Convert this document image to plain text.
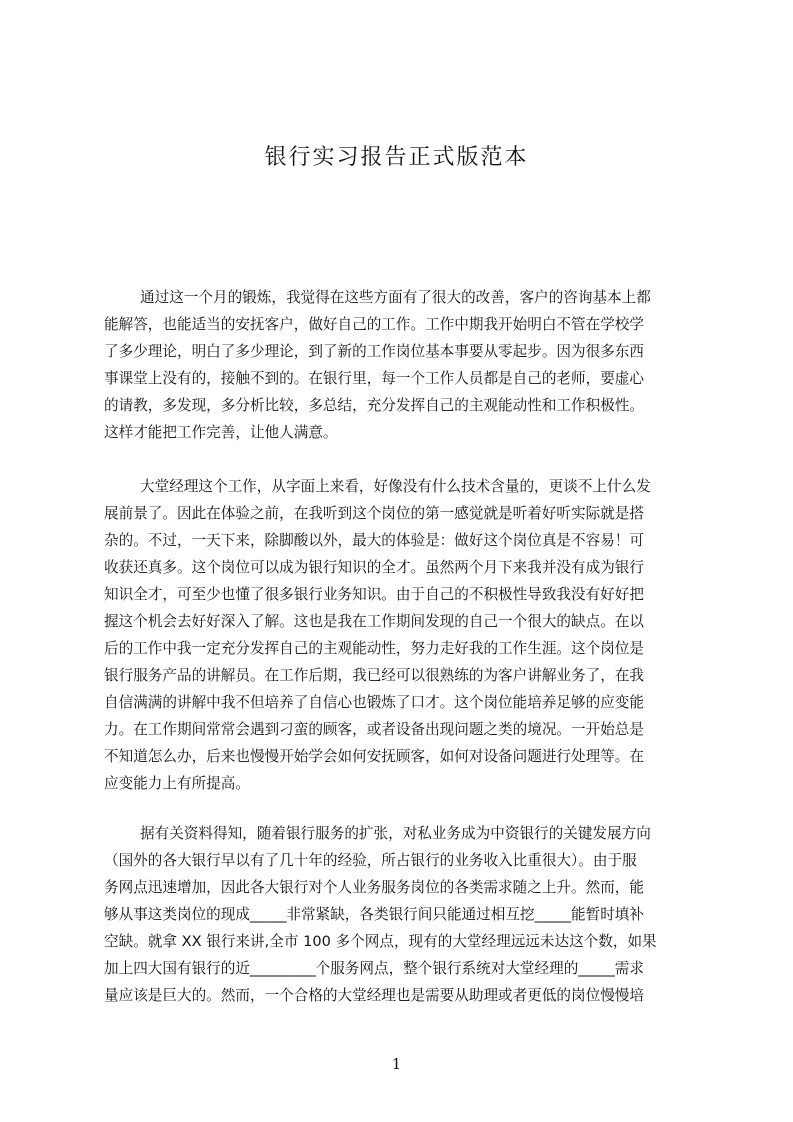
银行实习报告正式版范本
通过这一个月的锻炼，我觉得在这些方面有了很大的改善，客户的咨询基本上都
能解答，也能适当的安抚客户，做好自己的工作。工作中期我开始明白不管在学校学
了多少理论，明白了多少理论，到了新的工作岗位基本事要从零起步。因为很多东西
事课堂上没有的，接触不到的。在银行里，每一个工作人员都是自己的老师，要虚心
的请教，多发现，多分析比较，多总结，充分发挥自己的主观能动性和工作积极性。
这样才能把工作完善，让他人满意。
大堂经理这个工作，从字面上来看，好像没有什么技术含量的，更谈不上什么发
展前景了。因此在体验之前，在我听到这个岗位的第一感觉就是听着好听实际就是搭
杂的。不过，一天下来，除脚酸以外，最大的体验是：做好这个岗位真是不容易！可
收获还真多。这个岗位可以成为银行知识的全才。虽然两个月下来我并没有成为银行
知识全才，可至少也懂了很多银行业务知识。由于自己的不积极性导致我没有好好把
握这个机会去好好深入了解。这也是我在工作期间发现的自己一个很大的缺点。在以
后的工作中我一定充分发挥自己的主观能动性，努力走好我的工作生涯。这个岗位是
银行服务产品的讲解员。在工作后期，我已经可以很熟练的为客户讲解业务了，在我
自信满满的讲解中我不但培养了自信心也锻炼了口才。这个岗位能培养足够的应变能
力。在工作期间常常会遇到刁蛮的顾客，或者设备出现问题之类的境况。一开始总是
不知道怎么办，后来也慢慢开始学会如何安抚顾客，如何对设备问题进行处理等。在
应变能力上有所提高。
据有关资料得知，随着银行服务的扩张，对私业务成为中资银行的关键发展方向
（国外的各大银行早以有了几十年的经验，所占银行的业务收入比重很大）。由于服
务网点迅速增加，因此各大银行对个人业务服务岗位的各类需求随之上升。然而，能
够从事这类岗位的现成_____非常紧缺，各类银行间只能通过相互挖_____能暂时填补
空缺。就拿 XX 银行来讲,全市 100 多个网点，现有的大堂经理远远未达这个数，如果
加上四大国有银行的近_________个服务网点，整个银行系统对大堂经理的_____需求
量应该是巨大的。然而，一个合格的大堂经理也是需要从助理或者更低的岗位慢慢培
1
